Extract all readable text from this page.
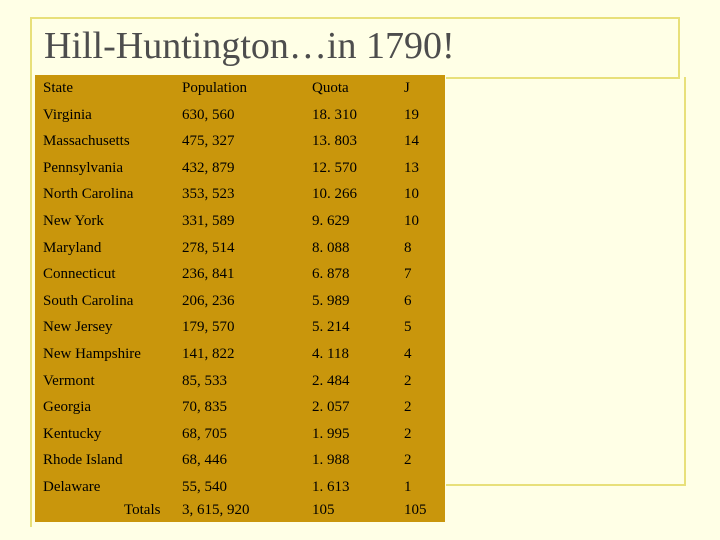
Hill-Huntington…in 1790!
State	Population	Quota	J
Virginia	630, 560	18. 310	19
Massachusetts	475, 327	13. 803	14
Pennsylvania	432, 879	12. 570	13
North Carolina	353, 523	10. 266	10
New York	331, 589	9. 629	10
Maryland	278, 514	8. 088	8
Connecticut	236, 841	6. 878	7
South Carolina	206, 236	5. 989	6
New Jersey	179, 570	5. 214	5
New Hampshire	141, 822	4. 118	4
Vermont	85, 533	2. 484	2
Georgia	70, 835	2. 057	2
Kentucky	68, 705	1. 995	2
Rhode Island	68, 446	1. 988	2
Delaware	55, 540	1. 613	1
Totals 3, 615, 920	105	105
